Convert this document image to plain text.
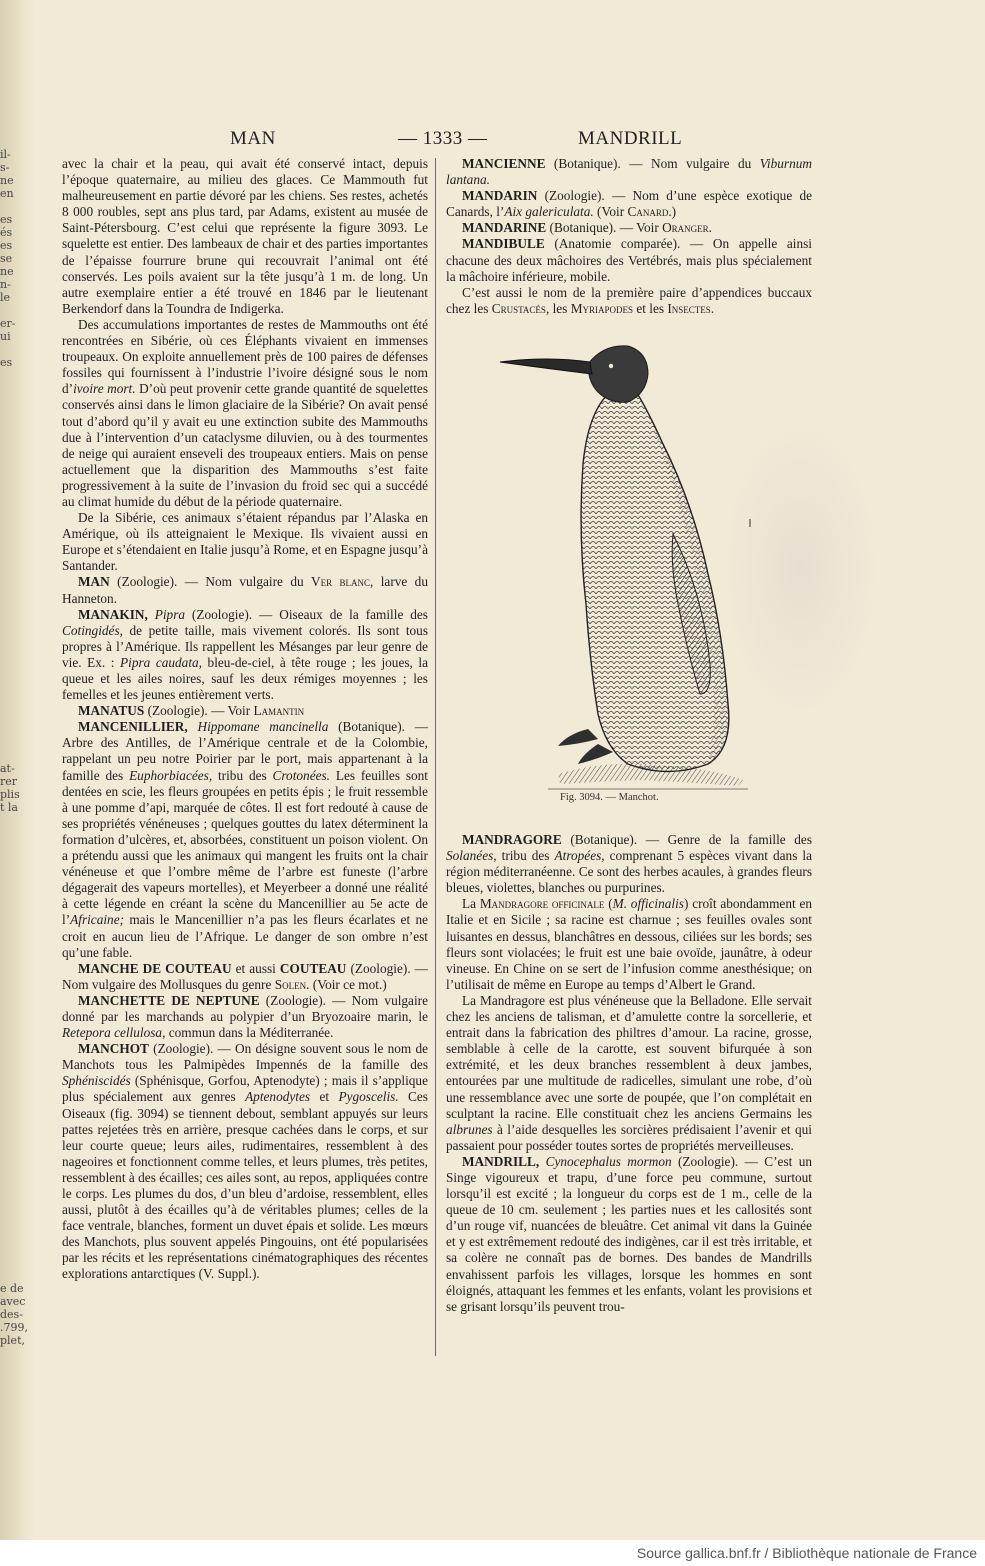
il-
s-
ne
en

es
és
es
se
ne
n-
le

er-
ui

es
at-
rer
plis
t la
e de
avec
des-
.799,
plet,
MAN	— 1333 —	MANDRILL

avec la chair et la peau, qui avait été conservé intact, depuis l’époque quaternaire, au milieu des glaces. Ce Mammouth fut malheureusement en partie dévoré par les chiens. Ses restes, achetés 8 000 roubles, sept ans plus tard, par Adams, existent au musée de Saint-Pétersbourg. C’est celui que représente la figure 3093. Le squelette est entier. Des lambeaux de chair et des parties importantes de l’épaisse fourrure brune qui recouvrait l’animal ont été conservés. Les poils avaient sur la tête jusqu’à 1 m. de long. Un autre exemplaire entier a été trouvé en 1846 par le lieutenant Berkendorf dans la Toundra de Indigerka.

Des accumulations importantes de restes de Mammouths ont été rencontrées en Sibérie, où ces Éléphants vivaient en immenses troupeaux. On exploite annuellement près de 100 paires de défenses fossiles qui fournissent à l’industrie l’ivoire désigné sous le nom d’ivoire mort. D’où peut provenir cette grande quantité de squelettes conservés ainsi dans le limon glaciaire de la Sibérie? On avait pensé tout d’abord qu’il y avait eu une extinction subite des Mammouths due à l’intervention d’un cataclysme diluvien, ou à des tourmentes de neige qui auraient enseveli des troupeaux entiers. Mais on pense actuellement que la disparition des Mammouths s’est faite progressivement à la suite de l’invasion du froid sec qui a succédé au climat humide du début de la période quaternaire.

De la Sibérie, ces animaux s’étaient répandus par l’Alaska en Amérique, où ils atteignaient le Mexique. Ils vivaient aussi en Europe et s’étendaient en Italie jusqu’à Rome, et en Espagne jusqu’à Santander.

MAN (Zoologie). — Nom vulgaire du Ver blanc, larve du Hanneton.

MANAKIN, Pipra (Zoologie). — Oiseaux de la famille des Cotingidés, de petite taille, mais vivement colorés. Ils sont tous propres à l’Amérique. Ils rappellent les Mésanges par leur genre de vie. Ex. : Pipra caudata, bleu-de-ciel, à tête rouge ; les joues, la queue et les ailes noires, sauf les deux rémiges moyennes ; les femelles et les jeunes entièrement verts.

MANATUS (Zoologie). — Voir Lamantin

MANCENILLIER, Hippomane mancinella (Botanique). — Arbre des Antilles, de l’Amérique centrale et de la Colombie, rappelant un peu notre Poirier par le port, mais appartenant à la famille des Euphorbiacées, tribu des Crotonées. Les feuilles sont dentées en scie, les fleurs groupées en petits épis ; le fruit ressemble à une pomme d’api, marquée de côtes. Il est fort redouté à cause de ses propriétés vénéneuses ; quelques gouttes du latex déterminent la formation d’ulcères, et, absorbées, constituent un poison violent. On a prétendu aussi que les animaux qui mangent les fruits ont la chair vénéneuse et que l’ombre même de l’arbre est funeste (l’arbre dégagerait des vapeurs mortelles), et Meyerbeer a donné une réalité à cette légende en créant la scène du Mancenillier au 5e acte de l’Africaine; mais le Mancenillier n’a pas les fleurs écarlates et ne croit en aucun lieu de l’Afrique. Le danger de son ombre n’est qu’une fable.

MANCHE DE COUTEAU et aussi COUTEAU (Zoologie). — Nom vulgaire des Mollusques du genre Solen. (Voir ce mot.)

MANCHETTE DE NEPTUNE (Zoologie). — Nom vulgaire donné par les marchands au polypier d’un Bryozoaire marin, le Retepora cellulosa, commun dans la Méditerranée.

MANCHOT (Zoologie). — On désigne souvent sous le nom de Manchots tous les Palmipèdes Impennés de la famille des Sphéniscidés (Sphénisque, Gorfou, Aptenodyte) ; mais il s’applique plus spécialement aux genres Aptenodytes et Pygoscelis. Ces Oiseaux (fig. 3094) se tiennent debout, semblant appuyés sur leurs pattes rejetées très en arrière, presque cachées dans le corps, et sur leur courte queue; leurs ailes, rudimentaires, ressemblent à des nageoires et fonctionnent comme telles, et leurs plumes, très petites, ressemblent à des écailles; ces ailes sont, au repos, appliquées contre le corps. Les plumes du dos, d’un bleu d’ardoise, ressemblent, elles aussi, plutôt à des écailles qu’à de véritables plumes; celles de la face ventrale, blanches, forment un duvet épais et solide. Les mœurs des Manchots, plus souvent appelés Pingouins, ont été popularisées par les récits et les représentations cinématographiques des récentes explorations antarctiques (V. Suppl.).

MANCIENNE (Botanique). — Nom vulgaire du Viburnum lantana.

MANDARIN (Zoologie). — Nom d’une espèce exotique de Canards, l’Aix galericulata. (Voir Canard.)

MANDARINE (Botanique). — Voir Oranger.

MANDIBULE (Anatomie comparée). — On appelle ainsi chacune des deux mâchoires des Vertébrés, mais plus spécialement la mâchoire inférieure, mobile.

C’est aussi le nom de la première paire d’appendices buccaux chez les Crustacés, les Myriapodes et les Insectes.

Fig. 3094. — Manchot.

MANDRAGORE (Botanique). — Genre de la famille des Solanées, tribu des Atropées, comprenant 5 espèces vivant dans la région méditerranéenne. Ce sont des herbes acaules, à grandes fleurs bleues, violettes, blanches ou purpurines.

La Mandragore officinale (M. officinalis) croît abondamment en Italie et en Sicile ; sa racine est charnue ; ses feuilles ovales sont luisantes en dessus, blanchâtres en dessous, ciliées sur les bords; ses fleurs sont violacées; le fruit est une baie ovoïde, jaunâtre, à odeur vineuse. En Chine on se sert de l’infusion comme anesthésique; on l’utilisait de même en Europe au temps d’Albert le Grand.

La Mandragore est plus vénéneuse que la Belladone. Elle servait chez les anciens de talisman, et d’amulette contre la sorcellerie, et entrait dans la fabrication des philtres d’amour. La racine, grosse, semblable à celle de la carotte, est souvent bifurquée à son extrémité, et les deux branches ressemblent à deux jambes, entourées par une multitude de radicelles, simulant une robe, d’où une ressemblance avec une sorte de poupée, que l’on complétait en sculptant la racine. Elle constituait chez les anciens Germains les albrunes à l’aide desquelles les sorcières prédisaient l’avenir et qui passaient pour posséder toutes sortes de propriétés merveilleuses.

MANDRILL, Cynocephalus mormon (Zoologie). — C’est un Singe vigoureux et trapu, d’une force peu commune, surtout lorsqu’il est excité ; la longueur du corps est de 1 m., celle de la queue de 10 cm. seulement ; les parties nues et les callosités sont d’un rouge vif, nuancées de bleuâtre. Cet animal vit dans la Guinée et y est extrêmement redouté des indigènes, car il est très irritable, et sa colère ne connaît pas de bornes. Des bandes de Mandrills envahissent parfois les villages, lorsque les hommes en sont éloignés, attaquant les femmes et les enfants, volant les provisions et se grisant lorsqu’ils peuvent trou-

Source gallica.bnf.fr / Bibliothèque nationale de France
